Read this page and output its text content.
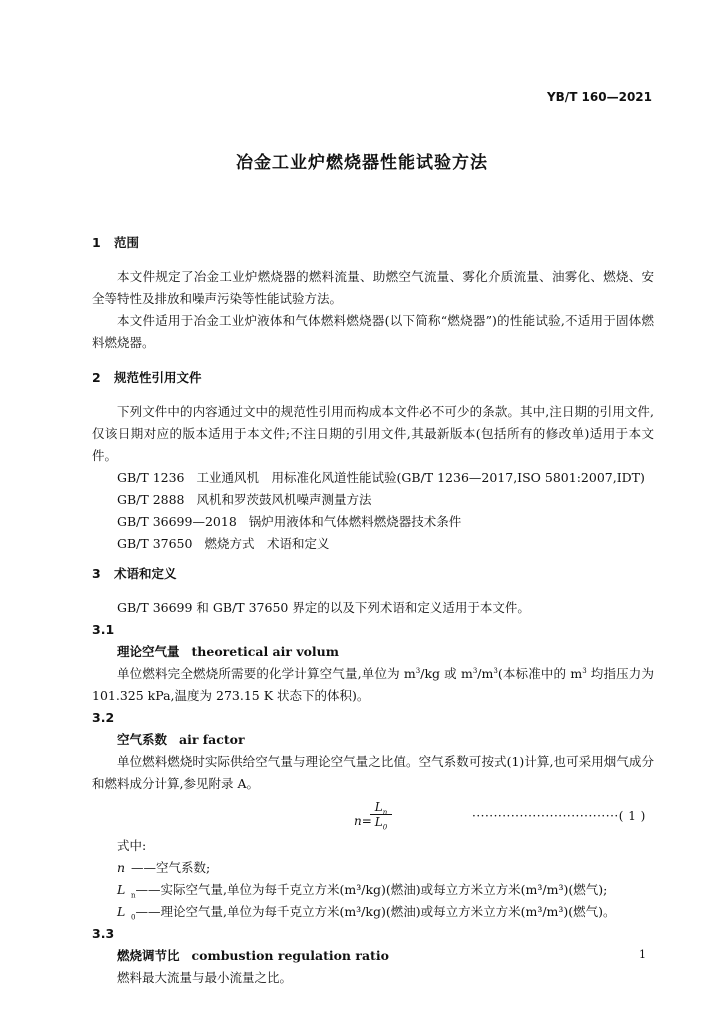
YB/T 160—2021
冶金工业炉燃烧器性能试验方法
1 范围
本文件规定了冶金工业炉燃烧器的燃料流量、助燃空气流量、雾化介质流量、油雾化、燃烧、安全等特性及排放和噪声污染等性能试验方法。
本文件适用于冶金工业炉液体和气体燃料燃烧器(以下简称“燃烧器”)的性能试验,不适用于固体燃料燃烧器。
2 规范性引用文件
下列文件中的内容通过文中的规范性引用而构成本文件必不可少的条款。其中,注日期的引用文件,仅该日期对应的版本适用于本文件;不注日期的引用文件,其最新版本(包括所有的修改单)适用于本文件。
GB/T 1236 工业通风机　用标准化风道性能试验(GB/T 1236—2017,ISO 5801:2007,IDT)
GB/T 2888 风机和罗茨鼓风机噪声测量方法
GB/T 36699—2018 锅炉用液体和气体燃料燃烧器技术条件
GB/T 37650 燃烧方式　术语和定义
3 术语和定义
GB/T 36699 和 GB/T 37650 界定的以及下列术语和定义适用于本文件。
3.1
理论空气量 theoretical air volum
单位燃料完全燃烧所需要的化学计算空气量,单位为 $m^3/kg$ 或 $m^3/m^3$(本标准中的 $m^3$ 均指压力为 101.325 kPa,温度为 273.15 K 状态下的体积)。
3.2
空气系数 air factor
单位燃料燃烧时实际供给空气量与理论空气量之比值。空气系数可按式(1)计算,也可采用烟气成分和燃料成分计算,参见附录 A。
n=
$\frac{L_n}{L_0}$	··································( 1 )
式中:
n ——空气系数;
L $_n$——实际空气量,单位为每千克立方米(m³/kg)(燃油)或每立方米立方米(m³/m³)(燃气);
L $_0$——理论空气量,单位为每千克立方米(m³/kg)(燃油)或每立方米立方米(m³/m³)(燃气)。
3.3
燃烧调节比 combustion regulation ratio
燃料最大流量与最小流量之比。
1
